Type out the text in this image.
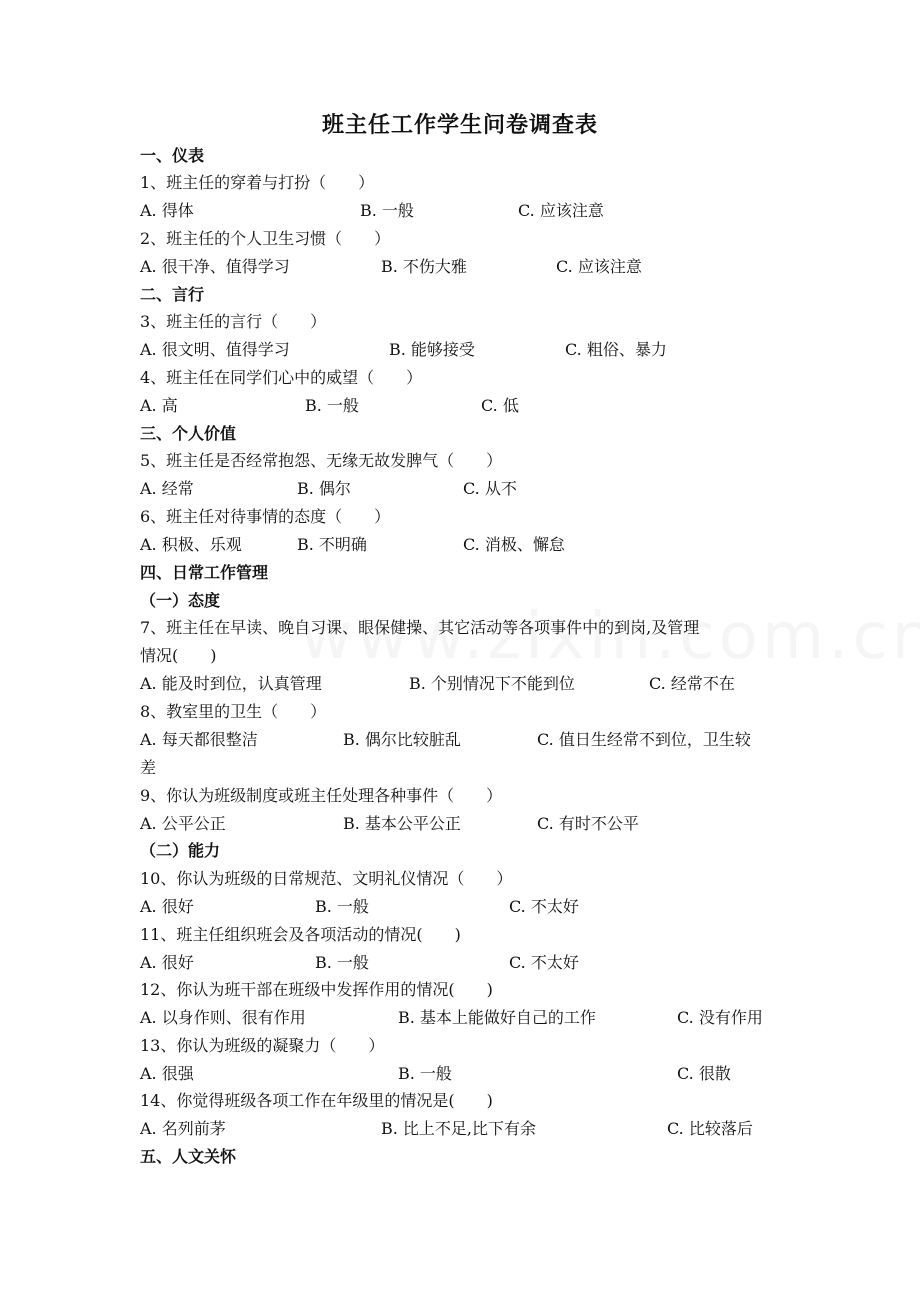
班主任工作学生问卷调查表
一、仪表
1、班主任的穿着与打扮（　　）
A. 得体	B. 一般	C. 应该注意
2、班主任的个人卫生习惯（　　）
A. 很干净、值得学习	B. 不伤大雅	C. 应该注意
二、言行
3、班主任的言行（　　）
A. 很文明、值得学习	B. 能够接受	C. 粗俗、暴力
4、班主任在同学们心中的威望（　　）
A. 高	B. 一般	C. 低
三、个人价值
5、班主任是否经常抱怨、无缘无故发脾气（　　）
A. 经常	B. 偶尔	C. 从不
6、班主任对待事情的态度（　　）
A. 积极、乐观	B. 不明确	C. 消极、懈怠
四、日常工作管理
（一）态度
7、班主任在早读、晚自习课、眼保健操、其它活动等各项事件中的到岗,及管理
情况(　　)
A. 能及时到位，认真管理	B. 个别情况下不能到位	C. 经常不在
8、教室里的卫生（　　）
A. 每天都很整洁	B. 偶尔比较脏乱	C. 值日生经常不到位，卫生较
差
9、你认为班级制度或班主任处理各种事件（　　）
A. 公平公正	B. 基本公平公正	C. 有时不公平
（二）能力
10、你认为班级的日常规范、文明礼仪情况（　　）
A. 很好	B. 一般	C. 不太好
11、班主任组织班会及各项活动的情况(　　)
A. 很好	B. 一般	C. 不太好
12、你认为班干部在班级中发挥作用的情况(　　)
A. 以身作则、很有作用	B. 基本上能做好自己的工作	C. 没有作用
13、你认为班级的凝聚力（　　）
A. 很强	B. 一般	C. 很散
14、你觉得班级各项工作在年级里的情况是(　　)
A. 名列前茅	B. 比上不足,比下有余	C. 比较落后
五、人文关怀
